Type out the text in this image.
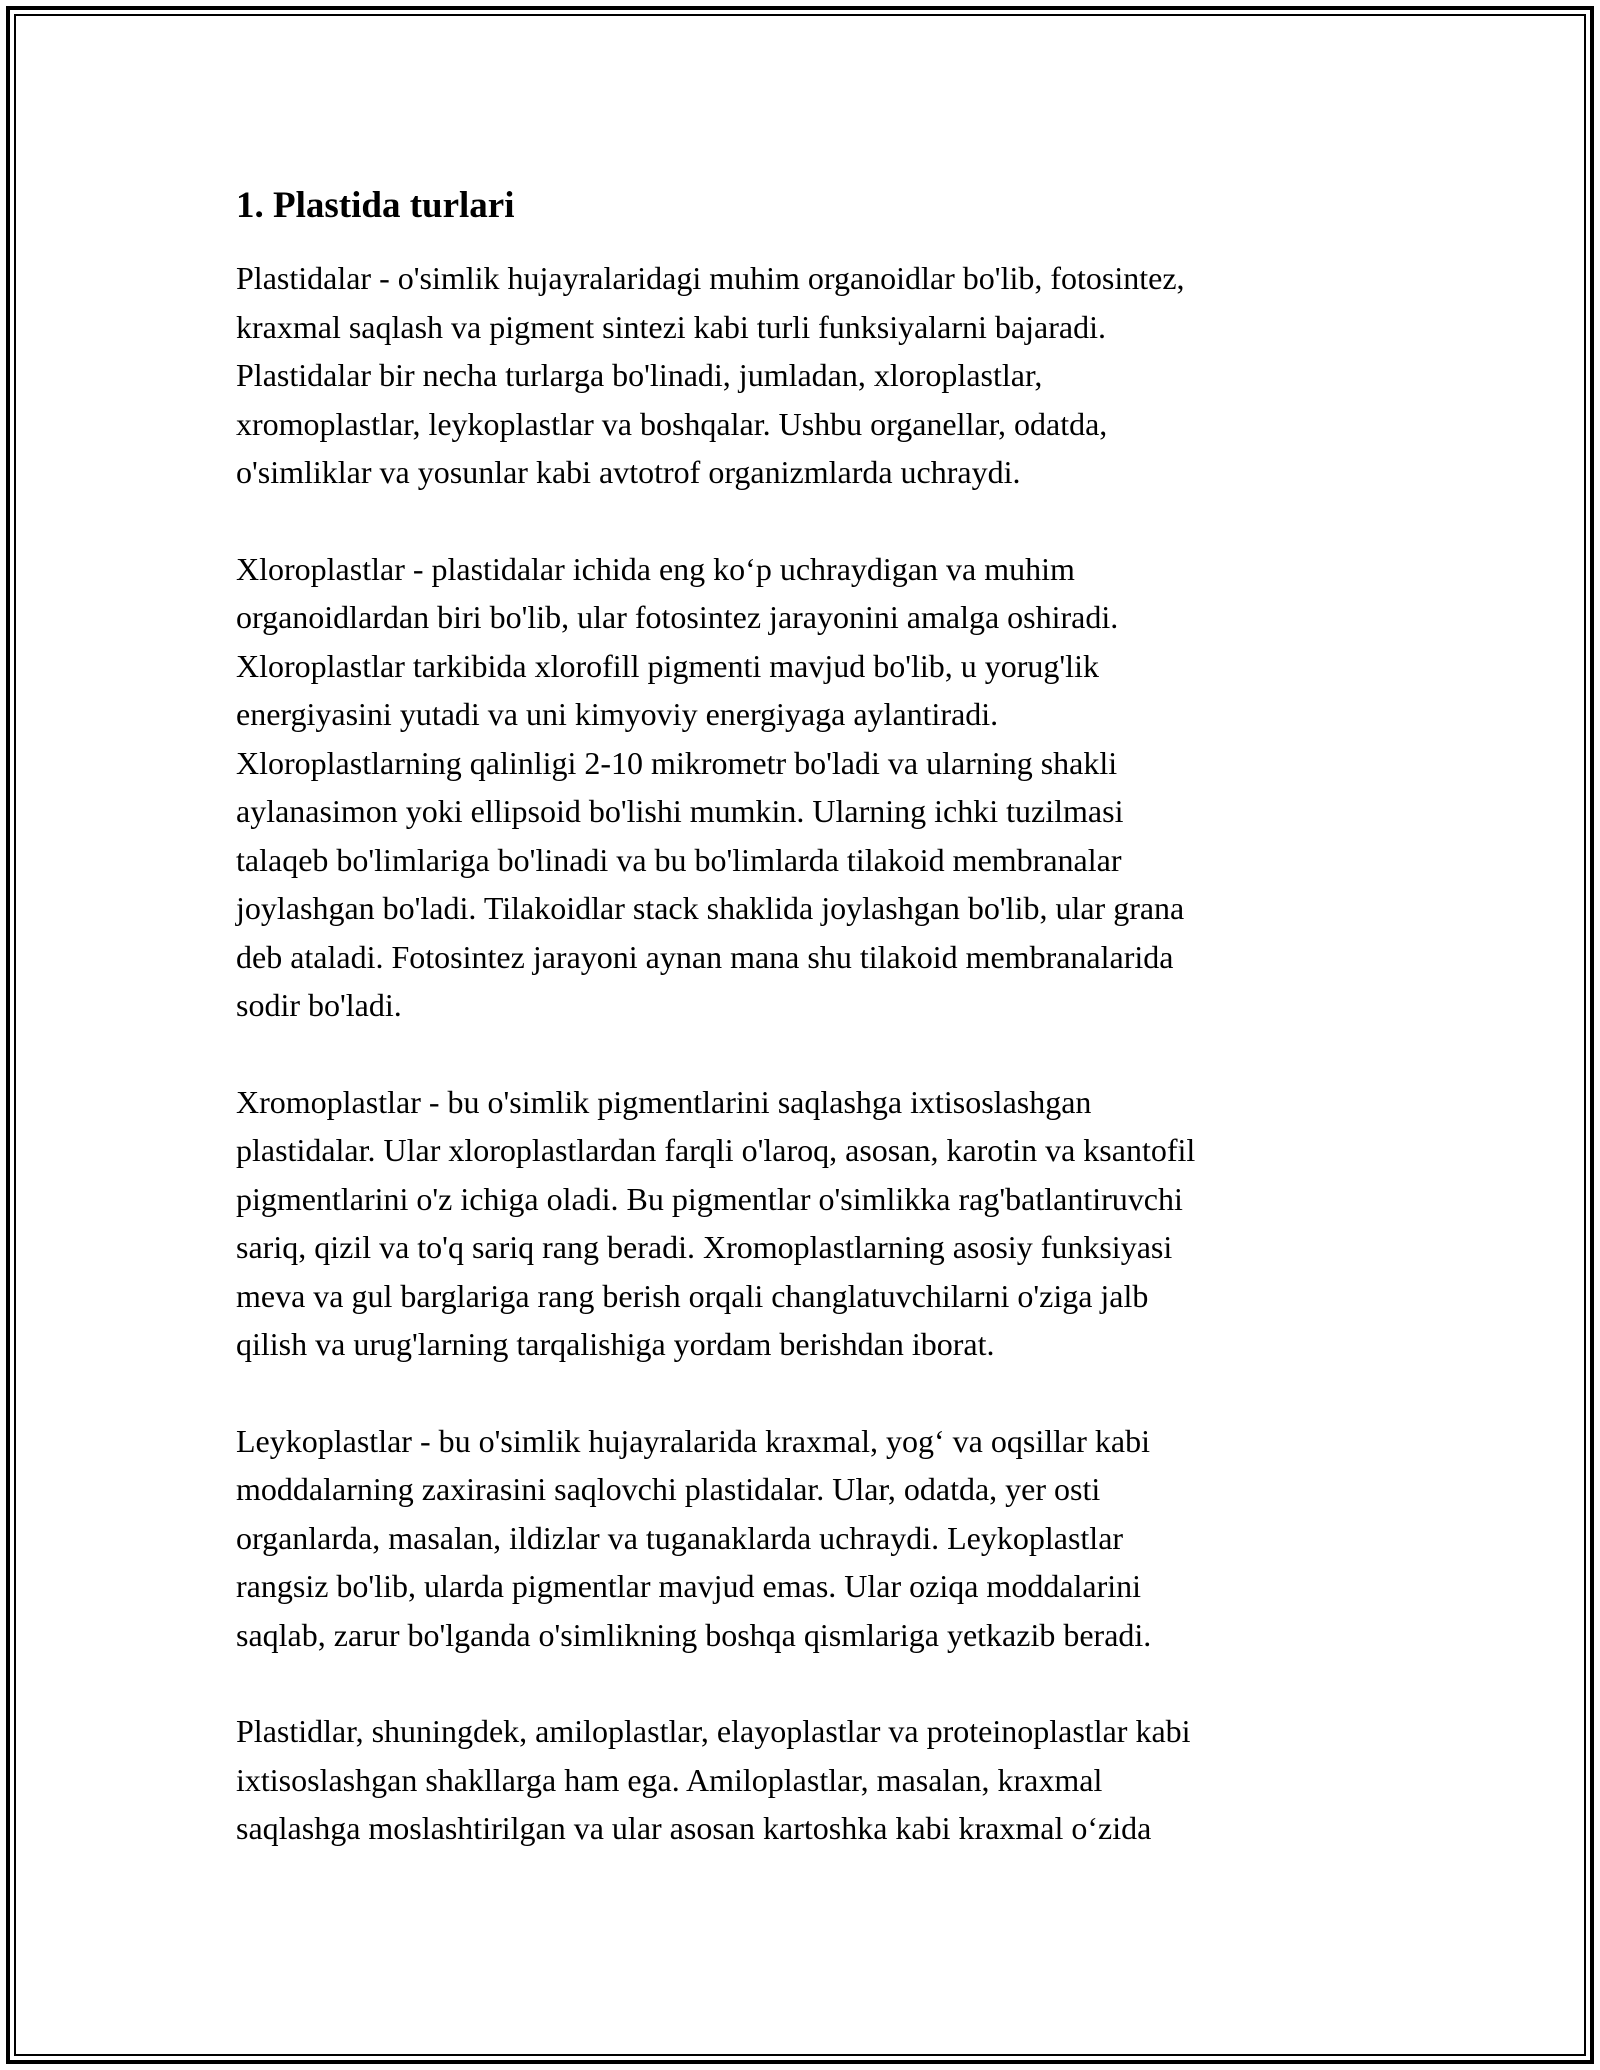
1. Plastida turlari

Plastidalar - o'simlik hujayralaridagi muhim organoidlar bo'lib, fotosintez,
kraxmal saqlash va pigment sintezi kabi turli funksiyalarni bajaradi.
Plastidalar bir necha turlarga bo'linadi, jumladan, xloroplastlar,
xromoplastlar, leykoplastlar va boshqalar. Ushbu organellar, odatda,
o'simliklar va yosunlar kabi avtotrof organizmlarda uchraydi.

Xloroplastlar - plastidalar ichida eng ko‘p uchraydigan va muhim
organoidlardan biri bo'lib, ular fotosintez jarayonini amalga oshiradi.
Xloroplastlar tarkibida xlorofill pigmenti mavjud bo'lib, u yorug'lik
energiyasini yutadi va uni kimyoviy energiyaga aylantiradi.
Xloroplastlarning qalinligi 2-10 mikrometr bo'ladi va ularning shakli
aylanasimon yoki ellipsoid bo'lishi mumkin. Ularning ichki tuzilmasi
talaqeb bo'limlariga bo'linadi va bu bo'limlarda tilakoid membranalar
joylashgan bo'ladi. Tilakoidlar stack shaklida joylashgan bo'lib, ular grana
deb ataladi. Fotosintez jarayoni aynan mana shu tilakoid membranalarida
sodir bo'ladi.

Xromoplastlar - bu o'simlik pigmentlarini saqlashga ixtisoslashgan
plastidalar. Ular xloroplastlardan farqli o'laroq, asosan, karotin va ksantofil
pigmentlarini o'z ichiga oladi. Bu pigmentlar o'simlikka rag'batlantiruvchi
sariq, qizil va to'q sariq rang beradi. Xromoplastlarning asosiy funksiyasi
meva va gul barglariga rang berish orqali changlatuvchilarni o'ziga jalb
qilish va urug'larning tarqalishiga yordam berishdan iborat.

Leykoplastlar - bu o'simlik hujayralarida kraxmal, yog‘ va oqsillar kabi
moddalarning zaxirasini saqlovchi plastidalar. Ular, odatda, yer osti
organlarda, masalan, ildizlar va tuganaklarda uchraydi. Leykoplastlar
rangsiz bo'lib, ularda pigmentlar mavjud emas. Ular oziqa moddalarini
saqlab, zarur bo'lganda o'simlikning boshqa qismlariga yetkazib beradi.

Plastidlar, shuningdek, amiloplastlar, elayoplastlar va proteinoplastlar kabi
ixtisoslashgan shakllarga ham ega. Amiloplastlar, masalan, kraxmal
saqlashga moslashtirilgan va ular asosan kartoshka kabi kraxmal o‘zida
